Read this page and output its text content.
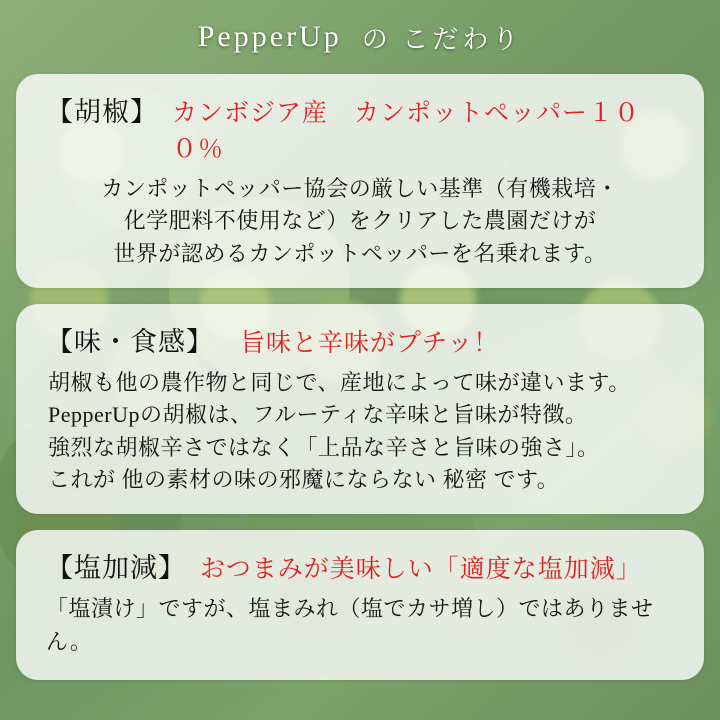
PepperUp の こだわり
【胡椒】 カンボジア産　カンポットペッパー１００％
カンポットペッパー協会の厳しい基準（有機栽培・
化学肥料不使用など）をクリアした農園だけが
世界が認めるカンポットペッパーを名乗れます。
【味・食感】 旨味と辛味がプチッ！
胡椒も他の農作物と同じで、産地によって味が違います。
PepperUpの胡椒は、フルーティな辛味と旨味が特徴。
強烈な胡椒辛さではなく「上品な辛さと旨味の強さ」。
これが 他の素材の味の邪魔にならない 秘密 です。
【塩加減】 おつまみが美味しい「適度な塩加減」
「塩漬け」ですが、塩まみれ（塩でカサ増し）ではありません。
